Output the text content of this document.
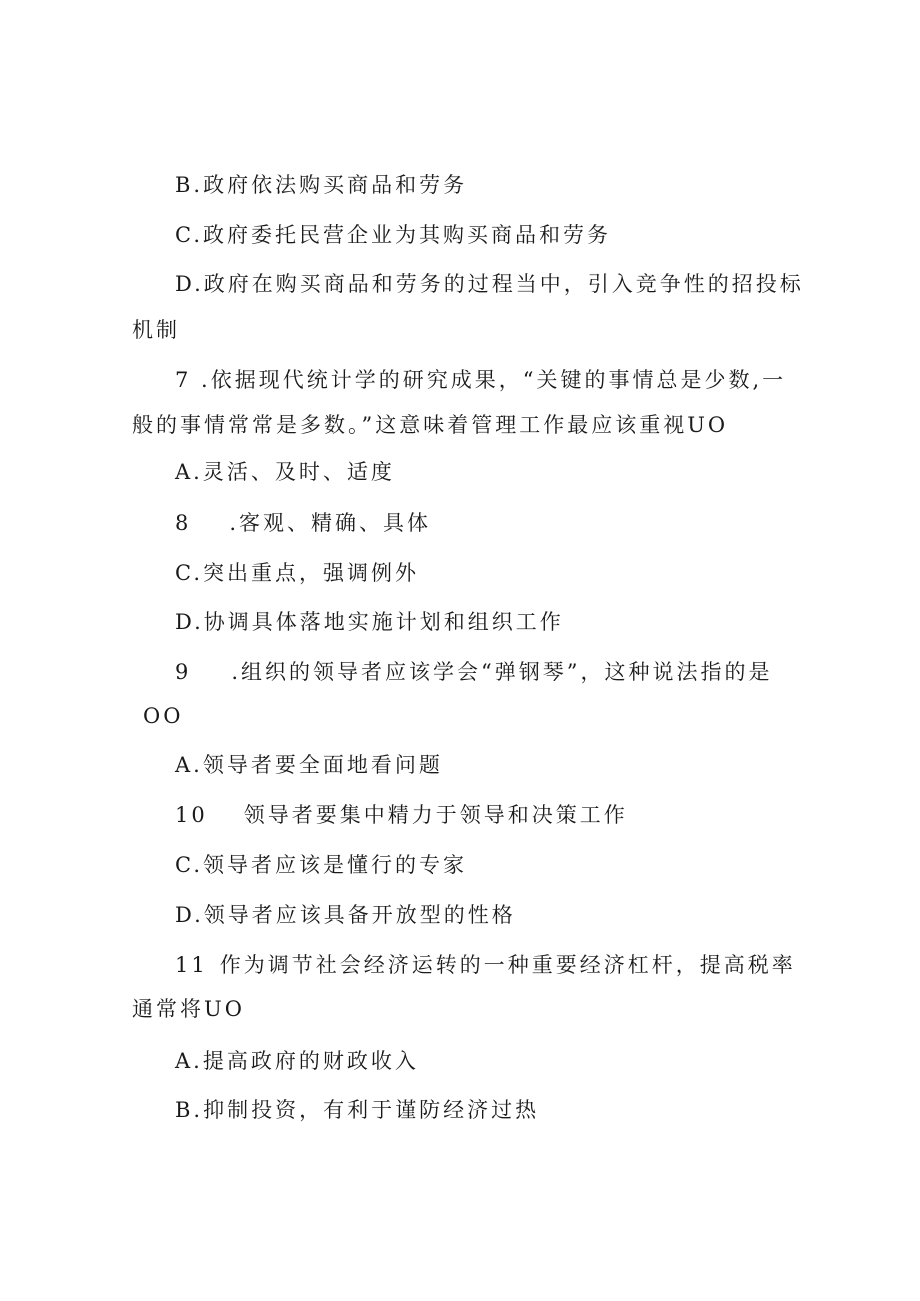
B.政府依法购买商品和劳务
C.政府委托民营企业为其购买商品和劳务
D.政府在购买商品和劳务的过程当中，引入竞争性的招投标
机制
7 .依据现代统计学的研究成果，“关键的事情总是少数,一
般的事情常常是多数。”这意味着管理工作最应该重视UO
A.灵活、及时、适度
8 .客观、精确、具体
C.突出重点，强调例外
D.协调具体落地实施计划和组织工作
9 .组织的领导者应该学会“弹钢琴”，这种说法指的是
OO
A.领导者要全面地看问题
10 领导者要集中精力于领导和决策工作
C.领导者应该是懂行的专家
D.领导者应该具备开放型的性格
11 作为调节社会经济运转的一种重要经济杠杆，提高税率
通常将UO
A.提高政府的财政收入
B.抑制投资，有利于谨防经济过热
